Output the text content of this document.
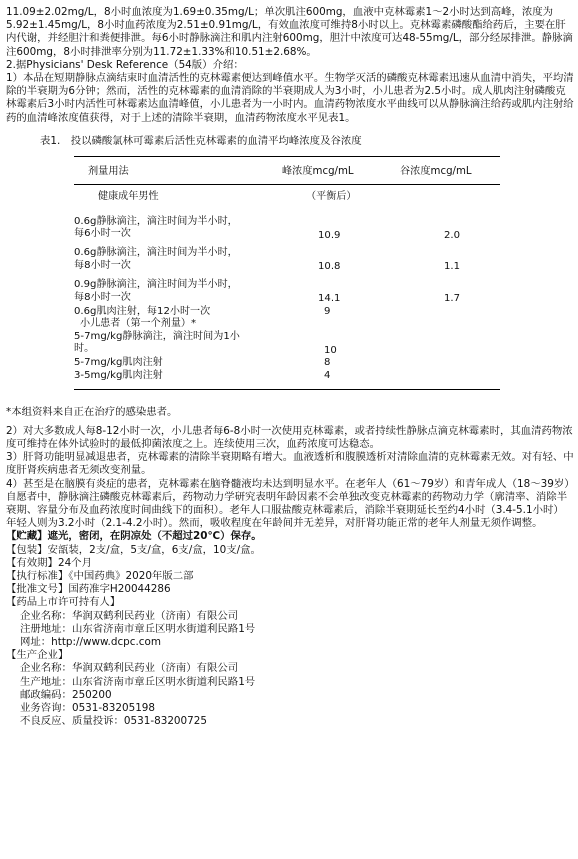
11.09±2.02mg/L，8小时血浓度为1.69±0.35mg/L；单次肌注600mg，血液中克林霉素1～2小时达到高峰，浓度为5.92±1.45mg/L，8小时血药浓度为2.51±0.91mg/L，有效血浓度可维持8小时以上。克林霉素磷酸酯给药后，主要在肝内代谢，并经胆汁和粪便排泄。每6小时静脉滴注和肌内注射600mg，胆汁中浓度可达48-55mg/L，部分经尿排泄。静脉滴注600mg，8小时排泄率分别为11.72±1.33%和10.51±2.68%。

2.据Physicians' Desk Reference（54版）介绍：

1）本品在短期静脉点滴结束时血清活性的克林霉素便达到峰值水平。生物学灭活的磷酸克林霉素迅速从血清中消失，平均清除的半衰期为6分钟；然而，活性的克林霉素的血清消除的半衰期成人为3小时，小儿患者为2.5小时。成人肌肉注射磷酸克林霉素后3小时内活性可林霉素达血清峰值，小儿患者为一小时内。血清药物浓度水平曲线可以从静脉滴注给药或肌内注射给药的血清峰浓度值获得，对于上述的清除半衰期，血清药物浓度水平见表1。

表1.　投以磷酸氯林可霉素后活性克林霉素的血清平均峰浓度及谷浓度

剂量用法	峰浓度mcg/mL	谷浓度mcg/mL
健康成年男性	（平衡后）
0.6g静脉滴注，滴注时间为半小时，每6小时一次	10.9	2.0
0.6g静脉滴注，滴注时间为半小时，每8小时一次	10.8	1.1
0.9g静脉滴注，滴注时间为半小时，每8小时一次	14.1	1.7
0.6g肌肉注射，每12小时一次	9
小儿患者（第一个剂量）*
5-7mg/kg静脉滴注，滴注时间为1小时。	10
5-7mg/kg肌肉注射	8
3-5mg/kg肌肉注射	4

*本组资料来自正在治疗的感染患者。

2）对大多数成人每8-12小时一次，小儿患者每6-8小时一次使用克林霉素，或者持续性静脉点滴克林霉素时，其血清药物浓度可维持在体外试验时的最低抑菌浓度之上。连续使用三次，血药浓度可达稳态。

3）肝肾功能明显减退患者，克林霉素的清除半衰期略有增大。血液透析和腹膜透析对清除血清的克林霉素无效。对有轻、中度肝肾疾病患者无须改变剂量。

4）甚至是在脑膜有炎症的患者，克林霉素在脑脊髓液均未达到明显水平。在老年人（61～79岁）和青年成人（18～39岁）自愿者中，静脉滴注磷酸克林霉素后，药物动力学研究表明年龄因素不会单独改变克林霉素的药物动力学（廓清率、消除半衰期、容量分布及血药浓度时间曲线下的面积）。老年人口服盐酸克林霉素后，消除半衰期延长至约4小时（3.4-5.1小时）年轻人则为3.2小时（2.1-4.2小时）。然而，吸收程度在年龄间并无差异，对肝肾功能正常的老年人剂量无须作调整。

【贮藏】遮光，密闭，在阴凉处（不超过20℃）保存。

【包装】安瓿装，2支/盒，5支/盒，6支/盒，10支/盒。

【有效期】24个月

【执行标准】《中国药典》2020年版二部

【批准文号】国药准字H20044286

【药品上市许可持有人】

企业名称：华润双鹤利民药业（济南）有限公司

注册地址：山东省济南市章丘区明水街道利民路1号

网址：http://www.dcpc.com

【生产企业】

企业名称：华润双鹤利民药业（济南）有限公司

生产地址：山东省济南市章丘区明水街道利民路1号

邮政编码：250200

业务咨询：0531-83205198

不良反应、质量投诉：0531-83200725
